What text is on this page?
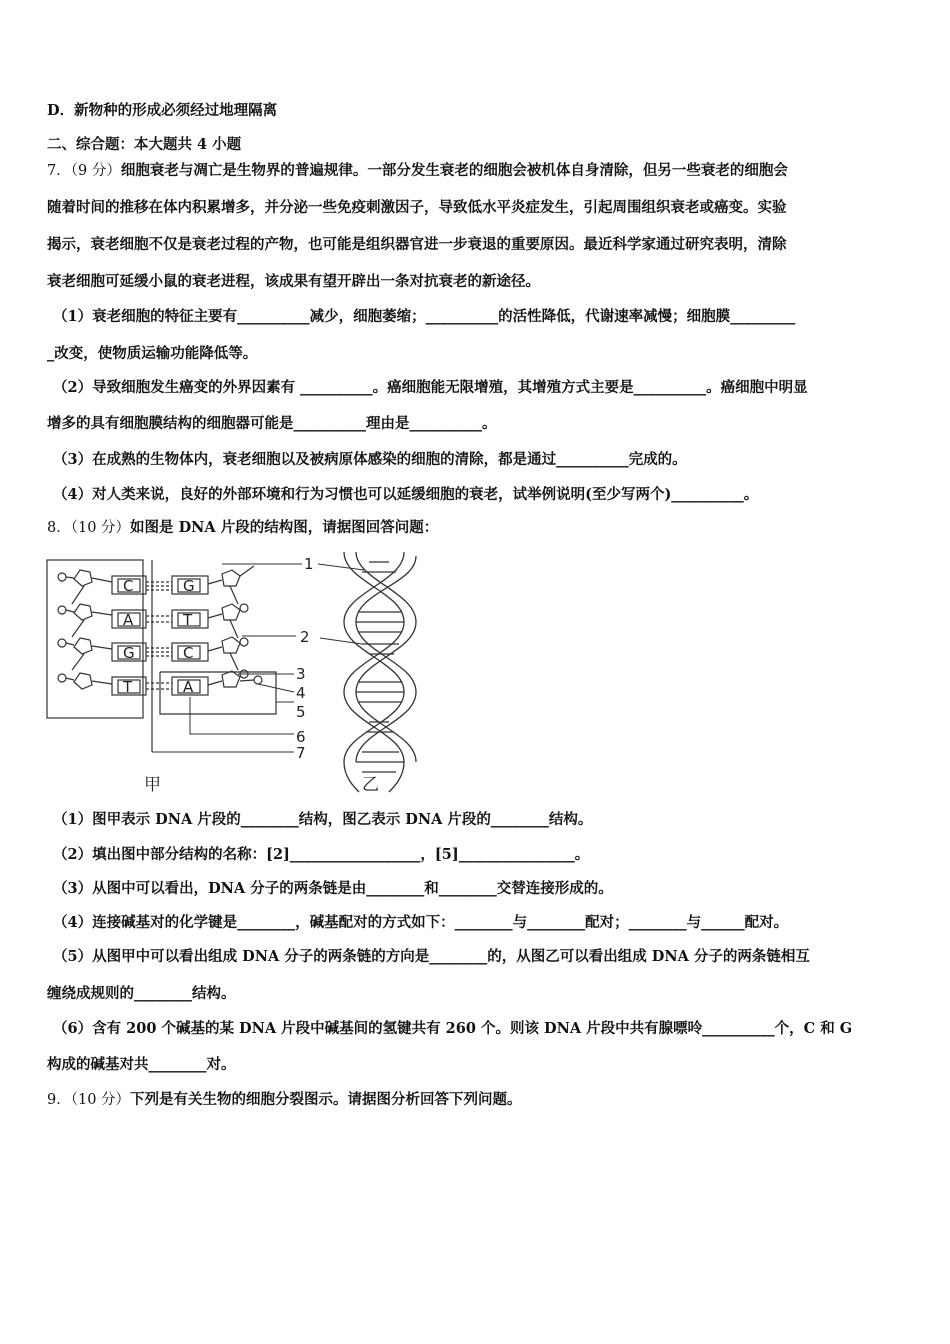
D．新物种的形成必须经过地理隔离
二、综合题：本大题共 4 小题
7．（9 分）细胞衰老与凋亡是生物界的普遍规律。一部分发生衰老的细胞会被机体自身清除，但另一些衰老的细胞会
随着时间的推移在体内积累增多，并分泌一些免疫刺激因子，导致低水平炎症发生，引起周围组织衰老或癌变。实验
揭示，衰老细胞不仅是衰老过程的产物，也可能是组织器官进一步衰退的重要原因。最近科学家通过研究表明，清除
衰老细胞可延缓小鼠的衰老进程，该成果有望开辟出一条对抗衰老的新途径。
（1）衰老细胞的特征主要有__________减少，细胞萎缩；__________的活性降低，代谢速率减慢；细胞膜_________
_改变，使物质运输功能降低等。
（2）导致细胞发生癌变的外界因素有 __________。癌细胞能无限增殖，其增殖方式主要是__________。癌细胞中明显
增多的具有细胞膜结构的细胞器可能是__________理由是__________。
（3）在成熟的生物体内，衰老细胞以及被病原体感染的细胞的清除，都是通过__________完成的。
（4）对人类来说，良好的外部环境和行为习惯也可以延缓细胞的衰老，试举例说明(至少写两个)__________。
8．（10 分）如图是 DNA 片段的结构图，请据图回答问题：
C
A
G
T
G
T
C
A
1
2
3
4
5
6
7
甲	乙
（1）图甲表示 DNA 片段的________结构，图乙表示 DNA 片段的________结构。
（2）填出图中部分结构的名称：[2]__________________，[5]________________。
（3）从图中可以看出，DNA 分子的两条链是由________和________交替连接形成的。
（4）连接碱基对的化学键是________，碱基配对的方式如下：________与________配对；________与______配对。
（5）从图甲中可以看出组成 DNA 分子的两条链的方向是________的，从图乙可以看出组成 DNA 分子的两条链相互
缠绕成规则的________结构。
（6）含有 200 个碱基的某 DNA 片段中碱基间的氢键共有 260 个。则该 DNA 片段中共有腺嘌呤__________个，C 和 G
构成的碱基对共________对。
9．（10 分）下列是有关生物的细胞分裂图示。请据图分析回答下列问题。
